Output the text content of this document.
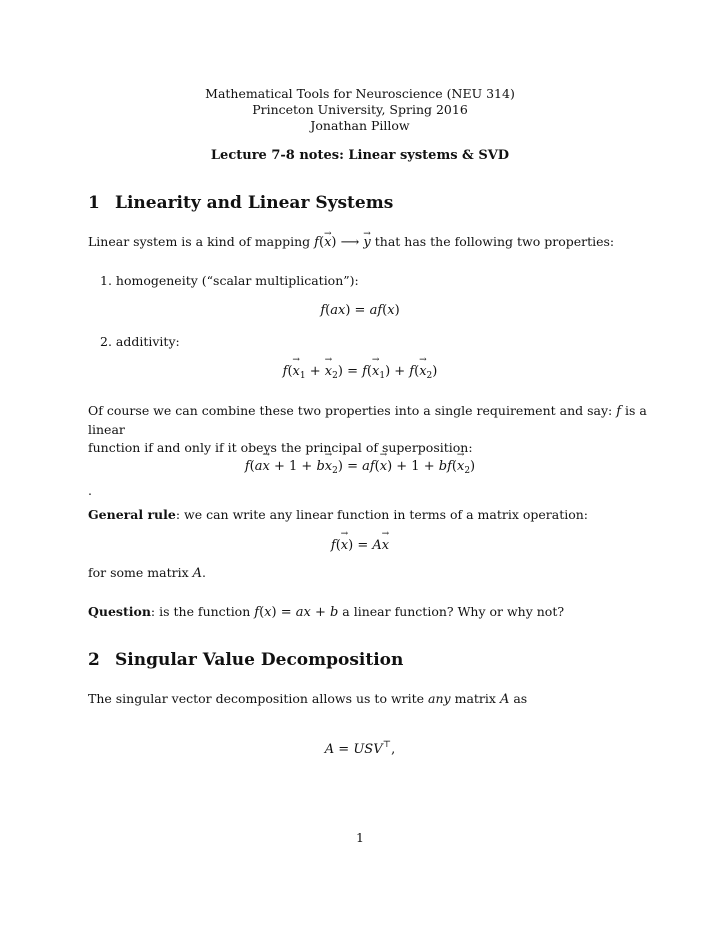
Mathematical Tools for Neuroscience (NEU 314)
Princeton University, Spring 2016
Jonathan Pillow
Lecture 7-8 notes: Linear systems & SVD
1 Linearity and Linear Systems
Linear system is a kind of mapping f(→ x) ⟶ → y that has the following two properties:
1. homogeneity (“scalar multiplication”):
f(ax) = af(x)
2. additivity:
$f(\to x_1$ + → $x_2) = f(\to x_1) + f(\to x_2)$
Of course we can combine these two properties into a single requirement and say: f is a linear
function if and only if it obeys the principal of superposition:
$f(a\to x + 1 + b\to x_2) = af(\to x) + 1 + bf(\to x_2)$
.
General rule: we can write any linear function in terms of a matrix operation:
f(→ x) = A→ x
for some matrix A.
Question: is the function f(x) = ax + b a linear function? Why or why not?
2 Singular Value Decomposition
The singular vector decomposition allows us to write any matrix A as
A = USV⊤,
1
